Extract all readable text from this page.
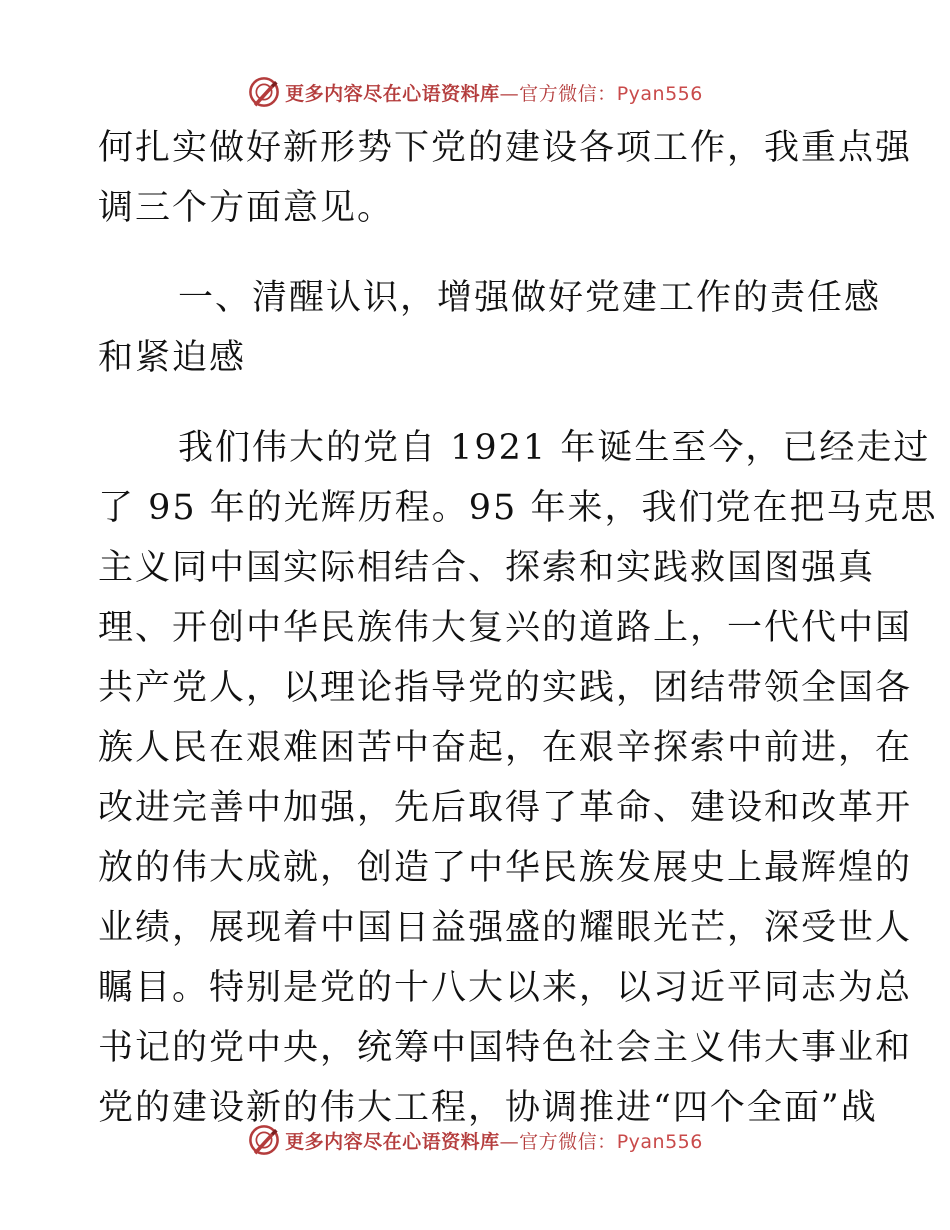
更多内容尽在心语资料库—官方微信：Pyan556
何扎实做好新形势下党的建设各项工作，我重点强
调三个方面意见。
一、清醒认识，增强做好党建工作的责任感
和紧迫感
我们伟大的党自 1921 年诞生至今，已经走过
了 95 年的光辉历程。95 年来，我们党在把马克思
主义同中国实际相结合、探索和实践救国图强真
理、开创中华民族伟大复兴的道路上，一代代中国
共产党人，以理论指导党的实践，团结带领全国各
族人民在艰难困苦中奋起，在艰辛探索中前进，在
改进完善中加强，先后取得了革命、建设和改革开
放的伟大成就，创造了中华民族发展史上最辉煌的
业绩，展现着中国日益强盛的耀眼光芒，深受世人
瞩目。特别是党的十八大以来，以习近平同志为总
书记的党中央，统筹中国特色社会主义伟大事业和
党的建设新的伟大工程，协调推进“四个全面”战
更多内容尽在心语资料库—官方微信：Pyan556
